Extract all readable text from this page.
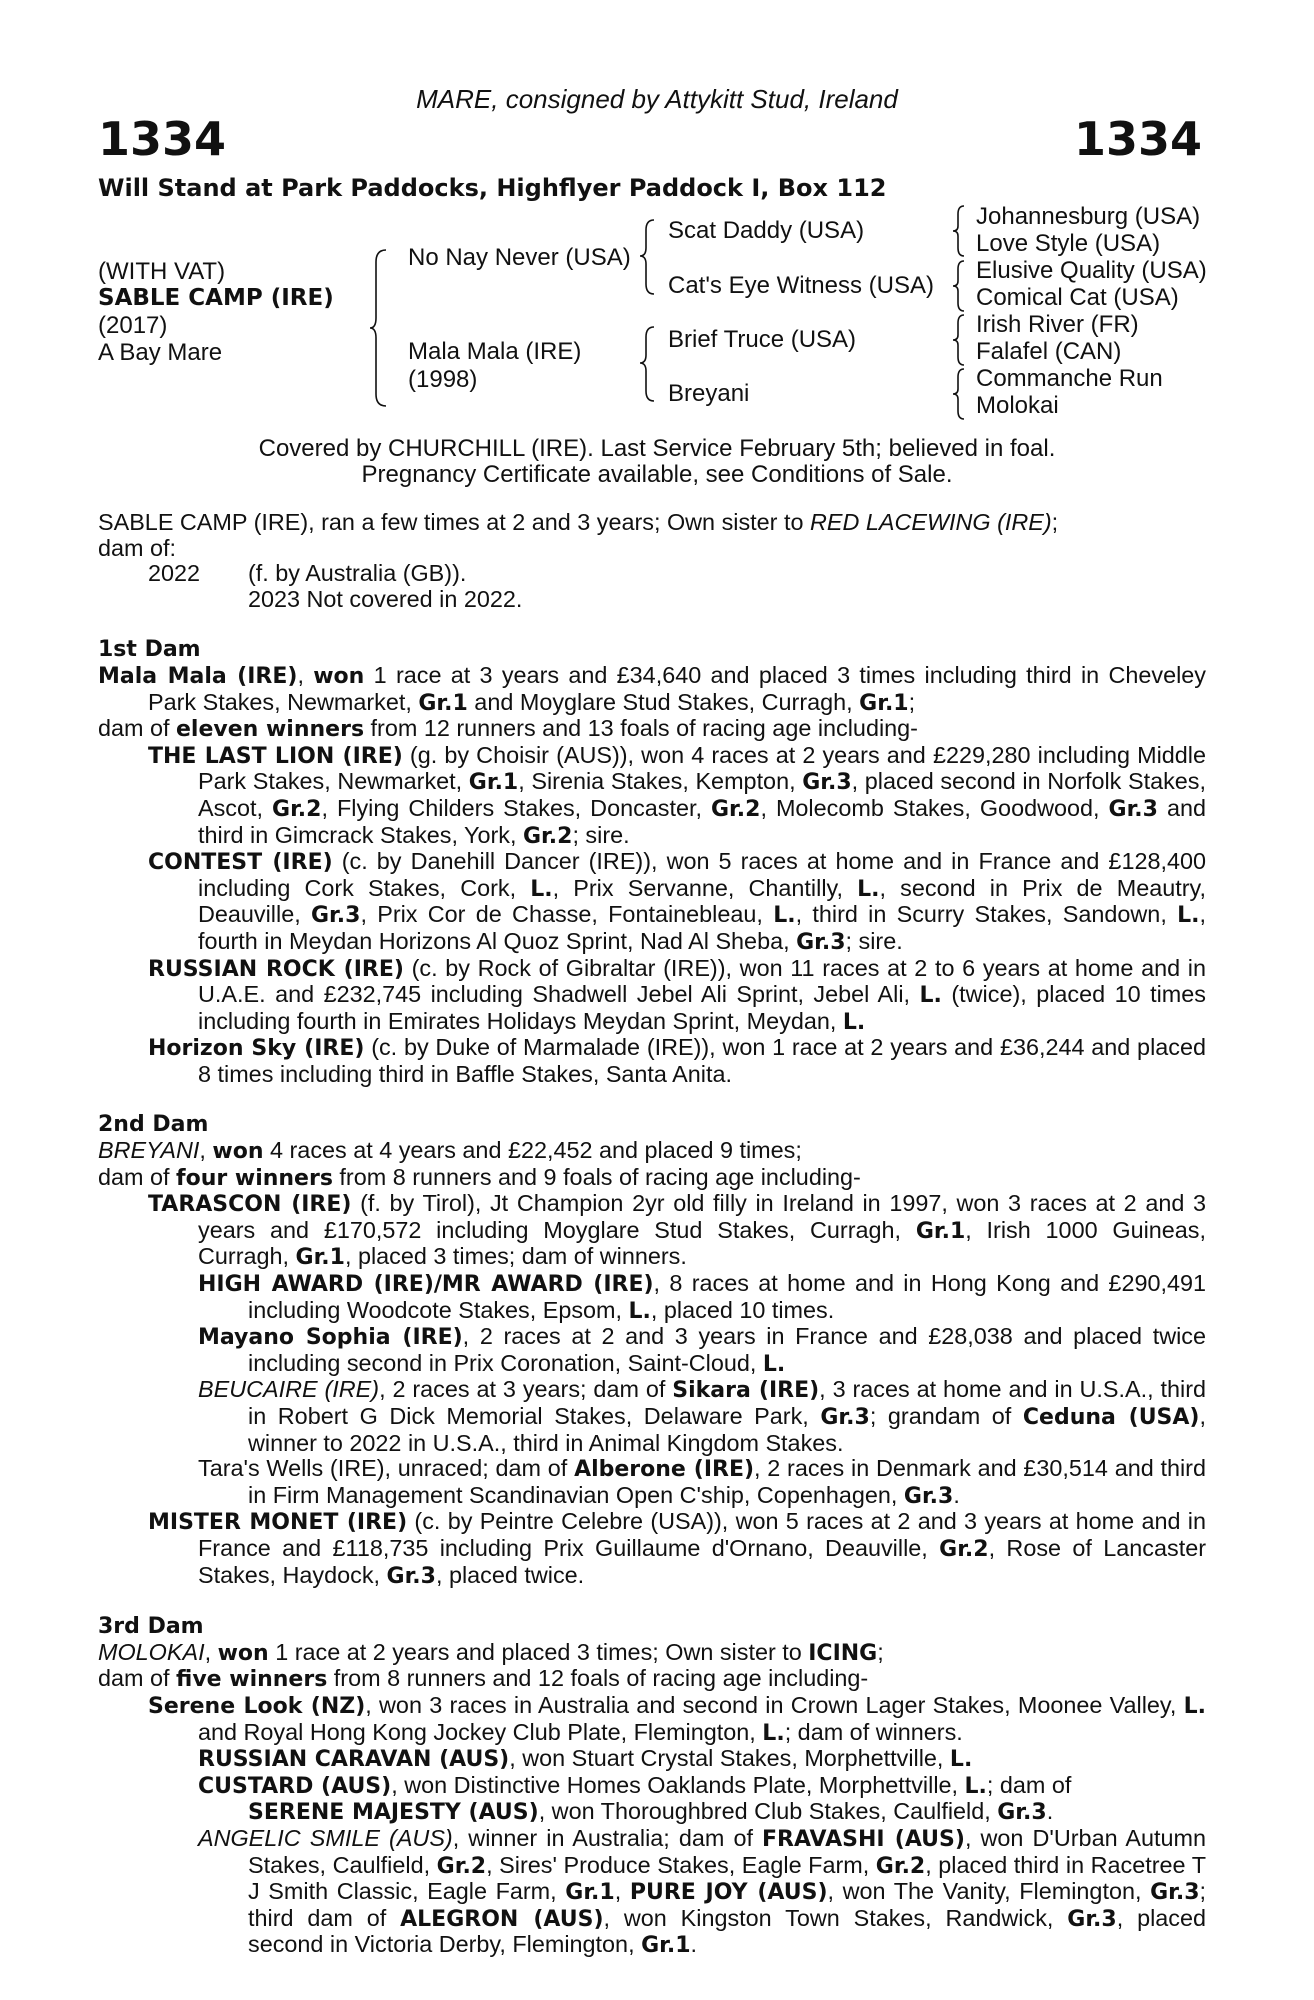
MARE, consigned by Attykitt Stud, Ireland
1334	1334
Will Stand at Park Paddocks, Highflyer Paddock I, Box 112
(WITH VAT)
SABLE CAMP (IRE)
(2017)
A Bay Mare
No Nay Never (USA)
Mala Mala (IRE)
(1998)
Scat Daddy (USA)
Cat's Eye Witness (USA)
Brief Truce (USA)
Breyani
Johannesburg (USA)
Love Style (USA)
Elusive Quality (USA)
Comical Cat (USA)
Irish River (FR)
Falafel (CAN)
Commanche Run
Molokai
Covered by CHURCHILL (IRE). Last Service February 5th; believed in foal.
Pregnancy Certificate available, see Conditions of Sale.

SABLE CAMP (IRE), ran a few times at 2 and 3 years; Own sister to RED LACEWING (IRE);
dam of:

2022	(f. by Australia (GB)).
2023 Not covered in 2022.

1st Dam

Mala Mala (IRE), won 1 race at 3 years and £34,640 and placed 3 times including third in Cheveley Park Stakes, Newmarket, Gr.1 and Moyglare Stud Stakes, Curragh, Gr.1;

dam of eleven winners from 12 runners and 13 foals of racing age including-

THE LAST LION (IRE) (g. by Choisir (AUS)), won 4 races at 2 years and £229,280 including Middle Park Stakes, Newmarket, Gr.1, Sirenia Stakes, Kempton, Gr.3, placed second in Norfolk Stakes, Ascot, Gr.2, Flying Childers Stakes, Doncaster, Gr.2, Molecomb Stakes, Goodwood, Gr.3 and third in Gimcrack Stakes, York, Gr.2; sire.

CONTEST (IRE) (c. by Danehill Dancer (IRE)), won 5 races at home and in France and £128,400 including Cork Stakes, Cork, L., Prix Servanne, Chantilly, L., second in Prix de Meautry, Deauville, Gr.3, Prix Cor de Chasse, Fontainebleau, L., third in Scurry Stakes, Sandown, L., fourth in Meydan Horizons Al Quoz Sprint, Nad Al Sheba, Gr.3; sire.

RUSSIAN ROCK (IRE) (c. by Rock of Gibraltar (IRE)), won 11 races at 2 to 6 years at home and in U.A.E. and £232,745 including Shadwell Jebel Ali Sprint, Jebel Ali, L. (twice), placed 10 times including fourth in Emirates Holidays Meydan Sprint, Meydan, L.

Horizon Sky (IRE) (c. by Duke of Marmalade (IRE)), won 1 race at 2 years and £36,244 and placed 8 times including third in Baffle Stakes, Santa Anita.

2nd Dam

BREYANI, won 4 races at 4 years and £22,452 and placed 9 times;

dam of four winners from 8 runners and 9 foals of racing age including-

TARASCON (IRE) (f. by Tirol), Jt Champion 2yr old filly in Ireland in 1997, won 3 races at 2 and 3 years and £170,572 including Moyglare Stud Stakes, Curragh, Gr.1, Irish 1000 Guineas, Curragh, Gr.1, placed 3 times; dam of winners.

HIGH AWARD (IRE)/MR AWARD (IRE), 8 races at home and in Hong Kong and £290,491 including Woodcote Stakes, Epsom, L., placed 10 times.

Mayano Sophia (IRE), 2 races at 2 and 3 years in France and £28,038 and placed twice including second in Prix Coronation, Saint-Cloud, L.

BEUCAIRE (IRE), 2 races at 3 years; dam of Sikara (IRE), 3 races at home and in U.S.A., third in Robert G Dick Memorial Stakes, Delaware Park, Gr.3; grandam of Ceduna (USA), winner to 2022 in U.S.A., third in Animal Kingdom Stakes.

Tara's Wells (IRE), unraced; dam of Alberone (IRE), 2 races in Denmark and £30,514 and third in Firm Management Scandinavian Open C'ship, Copenhagen, Gr.3.

MISTER MONET (IRE) (c. by Peintre Celebre (USA)), won 5 races at 2 and 3 years at home and in France and £118,735 including Prix Guillaume d'Ornano, Deauville, Gr.2, Rose of Lancaster Stakes, Haydock, Gr.3, placed twice.

3rd Dam

MOLOKAI, won 1 race at 2 years and placed 3 times; Own sister to ICING;

dam of five winners from 8 runners and 12 foals of racing age including-

Serene Look (NZ), won 3 races in Australia and second in Crown Lager Stakes, Moonee Valley, L. and Royal Hong Kong Jockey Club Plate, Flemington, L.; dam of winners.

RUSSIAN CARAVAN (AUS), won Stuart Crystal Stakes, Morphettville, L.

CUSTARD (AUS), won Distinctive Homes Oaklands Plate, Morphettville, L.; dam of

SERENE MAJESTY (AUS), won Thoroughbred Club Stakes, Caulfield, Gr.3.

ANGELIC SMILE (AUS), winner in Australia; dam of FRAVASHI (AUS), won D'Urban Autumn Stakes, Caulfield, Gr.2, Sires' Produce Stakes, Eagle Farm, Gr.2, placed third in Racetree T J Smith Classic, Eagle Farm, Gr.1, PURE JOY (AUS), won The Vanity, Flemington, Gr.3; third dam of ALEGRON (AUS), won Kingston Town Stakes, Randwick, Gr.3, placed second in Victoria Derby, Flemington, Gr.1.
